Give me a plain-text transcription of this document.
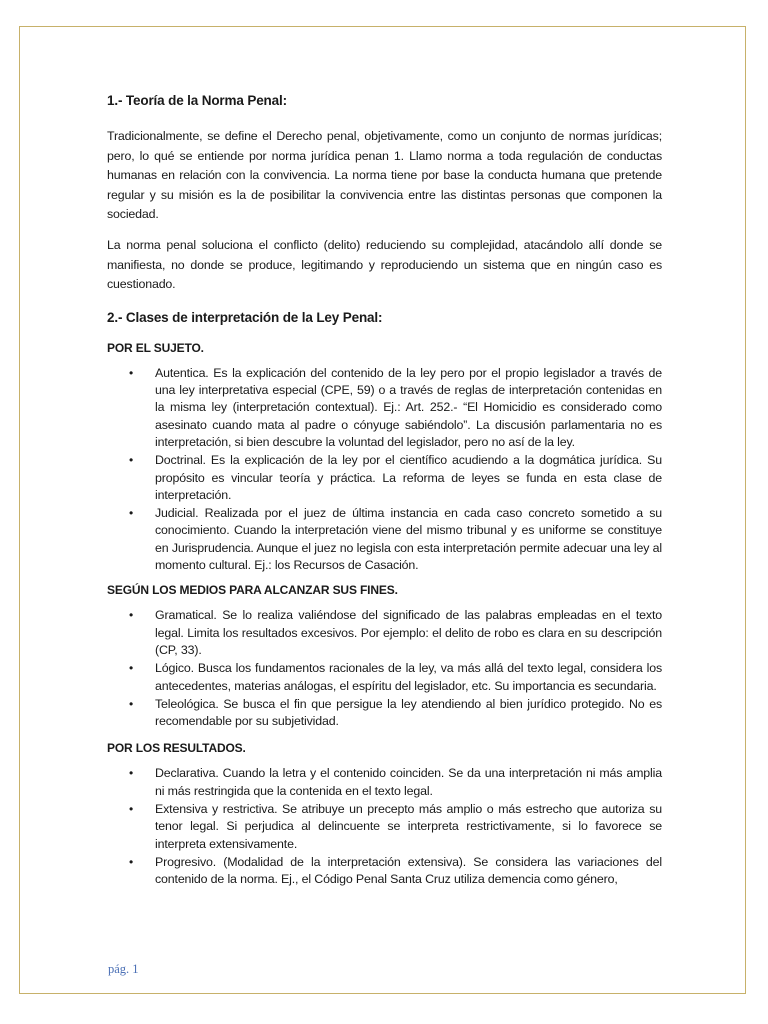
1.- Teoría de la Norma Penal:

Tradicionalmente, se define el Derecho penal, objetivamente, como un conjunto de normas jurídicas; pero, lo qué se entiende por norma jurídica penan 1. Llamo norma a toda regulación de conductas humanas en relación con la convivencia. La norma tiene por base la conducta humana que pretende regular y su misión es la de posibilitar la convivencia entre las distintas personas que componen la sociedad.

La norma penal soluciona el conflicto (delito) reduciendo su complejidad, atacándolo allí donde se manifiesta, no donde se produce, legitimando y reproduciendo un sistema que en ningún caso es cuestionado.

2.- Clases de interpretación de la Ley Penal:
POR EL SUJETO.
• Autentica. Es la explicación del contenido de la ley pero por el propio legislador a través de una ley interpretativa especial (CPE, 59) o a través de reglas de interpretación contenidas en la misma ley (interpretación contextual). Ej.: Art. 252.- “El Homicidio es considerado como asesinato cuando mata al padre o cónyuge sabiéndolo”. La discusión parlamentaria no es interpretación, si bien descubre la voluntad del legislador, pero no así de la ley.
• Doctrinal. Es la explicación de la ley por el científico acudiendo a la dogmática jurídica. Su propósito es vincular teoría y práctica. La reforma de leyes se funda en esta clase de interpretación.
• Judicial. Realizada por el juez de última instancia en cada caso concreto sometido a su conocimiento. Cuando la interpretación viene del mismo tribunal y es uniforme se constituye en Jurisprudencia. Aunque el juez no legisla con esta interpretación permite adecuar una ley al momento cultural. Ej.: los Recursos de Casación.
SEGÚN LOS MEDIOS PARA ALCANZAR SUS FINES.
• Gramatical. Se lo realiza valiéndose del significado de las palabras empleadas en el texto legal. Limita los resultados excesivos. Por ejemplo: el delito de robo es clara en su descripción (CP, 33).
• Lógico. Busca los fundamentos racionales de la ley, va más allá del texto legal, considera los antecedentes, materias análogas, el espíritu del legislador, etc. Su importancia es secundaria.
• Teleológica. Se busca el fin que persigue la ley atendiendo al bien jurídico protegido. No es recomendable por su subjetividad.
POR LOS RESULTADOS.
• Declarativa. Cuando la letra y el contenido coinciden. Se da una interpretación ni más amplia ni más restringida que la contenida en el texto legal.
• Extensiva y restrictiva. Se atribuye un precepto más amplio o más estrecho que autoriza su tenor legal. Si perjudica al delincuente se interpreta restrictivamente, si lo favorece se interpreta extensivamente.
• Progresivo. (Modalidad de la interpretación extensiva). Se considera las variaciones del contenido de la norma. Ej., el Código Penal Santa Cruz utiliza demencia como género,
pág. 1
